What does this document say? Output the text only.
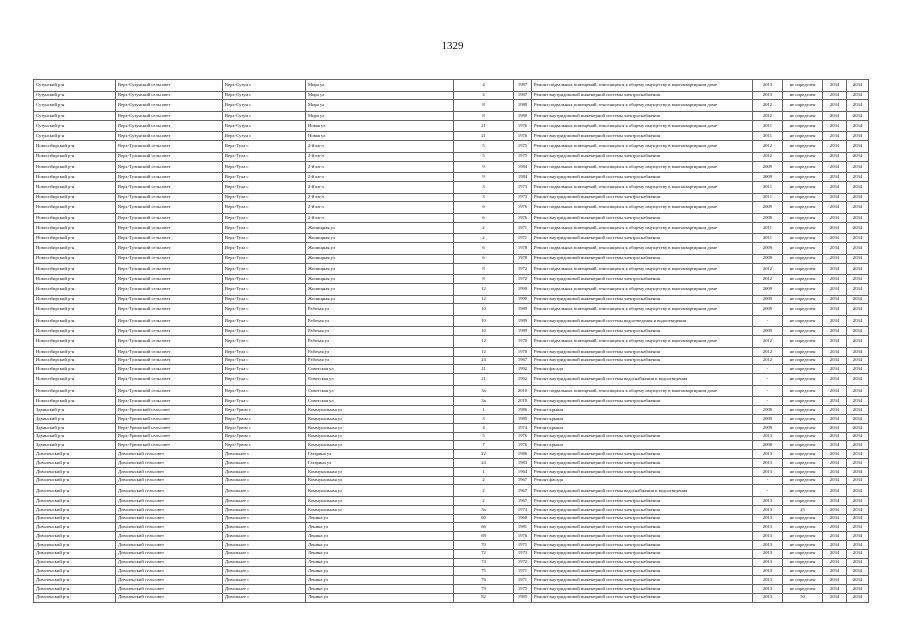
1329
Сузунский р-н	Верх-Сузунский сельсовет	Верх-Сузун с	Мира ул	4	1987	Ремонт подвальных помещений, относящихся к общему имуществу в многоквартирном доме	2013	не определен	2034	2034
Сузунский р-н	Верх-Сузунский сельсовет	Верх-Сузун с	Мира ул	4	1987	Ремонт внутридомовой инженерной системы электроснабжения	2013	не определен	2034	2034
Сузунский р-н	Верх-Сузунский сельсовет	Верх-Сузун с	Мира ул	8	1980	Ремонт подвальных помещений, относящихся к общему имуществу в многоквартирном доме	2012	не определен	2034	2034
Сузунский р-н	Верх-Сузунский сельсовет	Верх-Сузун с	Мира ул	8	1980	Ремонт внутридомовой инженерной системы электроснабжения	2012	не определен	2034	2034
Сузунский р-н	Верх-Сузунский сельсовет	Верх-Сузун с	Новая ул	21	1976	Ремонт подвальных помещений, относящихся к общему имуществу в многоквартирном доме	2011	не определен	2034	2034
Сузунский р-н	Верх-Сузунский сельсовет	Верх-Сузун с	Новая ул	21	1976	Ремонт внутридомовой инженерной системы электроснабжения	2011	не определен	2034	2034
Новосибирский р-н	Верх-Тулинский сельсовет	Верх-Тула с	2-й кв-л	5	1975	Ремонт подвальных помещений, относящихся к общему имуществу в многоквартирном доме	2012	не определен	2034	2034
Новосибирский р-н	Верх-Тулинский сельсовет	Верх-Тула с	2-й кв-л	5	1975	Ремонт внутридомовой инженерной системы электроснабжения	2012	не определен	2034	2034
Новосибирский р-н	Верх-Тулинский сельсовет	Верх-Тула с	2-й кв-л	9	1984	Ремонт подвальных помещений, относящихся к общему имуществу в многоквартирном доме	2009	не определен	2034	2034
Новосибирский р-н	Верх-Тулинский сельсовет	Верх-Тула с	2-й кв-л	9	1984	Ремонт внутридомовой инженерной системы электроснабжения	2009	не определен	2034	2034
Новосибирский р-н	Верх-Тулинский сельсовет	Верх-Тула с	2-й кв-л	3	1973	Ремонт подвальных помещений, относящихся к общему имуществу в многоквартирном доме	2011	не определен	2034	2034
Новосибирский р-н	Верх-Тулинский сельсовет	Верх-Тула с	2-й кв-л	3	1973	Ремонт внутридомовой инженерной системы электроснабжения	2011	не определен	2034	2034
Новосибирский р-н	Верх-Тулинский сельсовет	Верх-Тула с	2-й кв-л	6	1976	Ремонт подвальных помещений, относящихся к общему имуществу в многоквартирном доме	2009	не определен	2034	2034
Новосибирский р-н	Верх-Тулинский сельсовет	Верх-Тула с	2-й кв-л	6	1976	Ремонт внутридомовой инженерной системы электроснабжения	2009	не определен	2034	2034
Новосибирский р-н	Верх-Тулинский сельсовет	Верх-Тула с	Жилищная ул	2	1971	Ремонт подвальных помещений, относящихся к общему имуществу в многоквартирном доме	2011	не определен	2034	2034
Новосибирский р-н	Верх-Тулинский сельсовет	Верх-Тула с	Жилищная ул	2	1971	Ремонт внутридомовой инженерной системы электроснабжения	2011	не определен	2034	2034
Новосибирский р-н	Верх-Тулинский сельсовет	Верх-Тула с	Жилищная ул	6	1978	Ремонт подвальных помещений, относящихся к общему имуществу в многоквартирном доме	2009	не определен	2034	2034
Новосибирский р-н	Верх-Тулинский сельсовет	Верх-Тула с	Жилищная ул	6	1978	Ремонт внутридомовой инженерной системы электроснабжения	2009	не определен	2034	2034
Новосибирский р-н	Верх-Тулинский сельсовет	Верх-Тула с	Жилищная ул	8	1972	Ремонт подвальных помещений, относящихся к общему имуществу в многоквартирном доме	2012	не определен	2034	2034
Новосибирский р-н	Верх-Тулинский сельсовет	Верх-Тула с	Жилищная ул	8	1972	Ремонт внутридомовой инженерной системы электроснабжения	2012	не определен	2034	2034
Новосибирский р-н	Верх-Тулинский сельсовет	Верх-Тула с	Жилищная ул	12	1990	Ремонт подвальных помещений, относящихся к общему имуществу в многоквартирном доме	2009	не определен	2034	2034
Новосибирский р-н	Верх-Тулинский сельсовет	Верх-Тула с	Жилищная ул	12	1990	Ремонт внутридомовой инженерной системы электроснабжения	2009	не определен	2034	2034
Новосибирский р-н	Верх-Тулинский сельсовет	Верх-Тула с	Рабочая ул	10	1989	Ремонт подвальных помещений, относящихся к общему имуществу в многоквартирном доме	2009	не определен	2034	2034
Новосибирский р-н	Верх-Тулинский сельсовет	Верх-Тула с	Рабочая ул	10	1989	Ремонт внутридомовой инженерной системы водоотведения и водоотведения	-	не определен	2034	2034
Новосибирский р-н	Верх-Тулинский сельсовет	Верх-Тула с	Рабочая ул	10	1989	Ремонт внутридомовой инженерной системы электроснабжения	2009	не определен	2034	2034
Новосибирский р-н	Верх-Тулинский сельсовет	Верх-Тула с	Рабочая ул	12	1970	Ремонт подвальных помещений, относящихся к общему имуществу в многоквартирном доме	2012	не определен	2034	2034
Новосибирский р-н	Верх-Тулинский сельсовет	Верх-Тула с	Рабочая ул	12	1970	Ремонт внутридомовой инженерной системы электроснабжения	2012	не определен	2034	2034
Новосибирский р-н	Верх-Тулинский сельсовет	Верх-Тула с	Рабочая ул	24	1967	Ремонт внутридомовой инженерной системы электроснабжения	2012	не определен	2034	2034
Новосибирский р-н	Верх-Тулинский сельсовет	Верх-Тула с	Советская ул	21	1992	Ремонт фасада	-	не определен	2034	2034
Новосибирский р-н	Верх-Тулинский сельсовет	Верх-Тула с	Советская ул	21	1992	Ремонт внутридомовой инженерной системы водоснабжения и водоотведения	-	не определен	2034	2034
Новосибирский р-н	Верх-Тулинский сельсовет	Верх-Тула с	Советская ул	3а	2010	Ремонт подвальных помещений, относящихся к общему имуществу в многоквартирном доме	-	не определен	2034	2034
Новосибирский р-н	Верх-Тулинский сельсовет	Верх-Тула с	Советская ул	3а	2010	Ремонт внутридомовой инженерной системы электроснабжения	-	не определен	2034	2034
Здвинский р-н	Верх-Урюмский сельсовет	Верх-Урюм с	Коммунальная ул	1	1986	Ремонт крыши	2009	не определен	2034	2034
Здвинский р-н	Верх-Урюмский сельсовет	Верх-Урюм с	Коммунальная ул	3	1985	Ремонт крыши	2009	не определен	2034	2034
Здвинский р-н	Верх-Урюмский сельсовет	Верх-Урюм с	Коммунальная ул	4	1974	Ремонт крыши	2009	не определен	2034	2034
Здвинский р-н	Верх-Урюмский сельсовет	Верх-Урюм с	Коммунальная ул	5	1976	Ремонт внутридомовой инженерной системы электроснабжения	2013	не определен	2034	2034
Здвинский р-н	Верх-Урюмский сельсовет	Верх-Урюм с	Коммунальная ул	7	1976	Ремонт крыши	2008	не определен	2034	2034
Доволенский р-н	Доволенский сельсовет	Довольное с	Гагарина ул	22	1986	Ремонт внутридомовой инженерной системы электроснабжения	2013	не определен	2034	2034
Доволенский р-н	Доволенский сельсовет	Довольное с	Гагарина ул	24	1983	Ремонт внутридомовой инженерной системы электроснабжения	2013	не определен	2034	2034
Доволенский р-н	Доволенский сельсовет	Довольное с	Коммунальная ул	1	1964	Ремонт внутридомовой инженерной системы электроснабжения	2013	не определен	2034	2034
Доволенский р-н	Доволенский сельсовет	Довольное с	Коммунальная ул	2	1967	Ремонт фасада	-	не определен	2034	2034
Доволенский р-н	Доволенский сельсовет	Довольное с	Коммунальная ул	2	1967	Ремонт внутридомовой инженерной системы водоснабжения и водоотведения	-	не определен	2034	2034
Доволенский р-н	Доволенский сельсовет	Довольное с	Коммунальная ул	2	1967	Ремонт внутридомовой инженерной системы электроснабжения	2013	не определен	2034	2034
Доволенский р-н	Доволенский сельсовет	Довольное с	Коммунальная ул	3а	1974	Ремонт внутридомовой инженерной системы электроснабжения	2013	25	2034	2034
Доволенский р-н	Доволенский сельсовет	Довольное с	Ленина ул	60	1968	Ремонт внутридомовой инженерной системы электроснабжения	2013	не определен	2034	2034
Доволенский р-н	Доволенский сельсовет	Довольное с	Ленина ул	66	1981	Ремонт внутридомовой инженерной системы электроснабжения	2013	не определен	2034	2034
Доволенский р-н	Доволенский сельсовет	Довольное с	Ленина ул	68	1976	Ремонт внутридомовой инженерной системы электроснабжения	2013	не определен	2034	2034
Доволенский р-н	Доволенский сельсовет	Довольное с	Ленина ул	70	1975	Ремонт внутридомовой инженерной системы электроснабжения	2013	не определен	2034	2034
Доволенский р-н	Доволенский сельсовет	Довольное с	Ленина ул	72	1973	Ремонт внутридомовой инженерной системы электроснабжения	2013	не определен	2034	2034
Доволенский р-н	Доволенский сельсовет	Довольное с	Ленина ул	74	1972	Ремонт внутридомовой инженерной системы электроснабжения	2013	не определен	2034	2034
Доволенский р-н	Доволенский сельсовет	Довольное с	Ленина ул	75	1971	Ремонт внутридомовой инженерной системы электроснабжения	2013	не определен	2034	2034
Доволенский р-н	Доволенский сельсовет	Довольное с	Ленина ул	76	1971	Ремонт внутридомовой инженерной системы электроснабжения	2013	не определен	2034	2034
Доволенский р-н	Доволенский сельсовет	Довольное с	Ленина ул	79	1975	Ремонт внутридомовой инженерной системы электроснабжения	2013	не определен	2034	2034
Доволенский р-н	Доволенский сельсовет	Довольное с	Ленина ул	82	1985	Ремонт внутридомовой инженерной системы электроснабжения	2013	50	2034	2034
